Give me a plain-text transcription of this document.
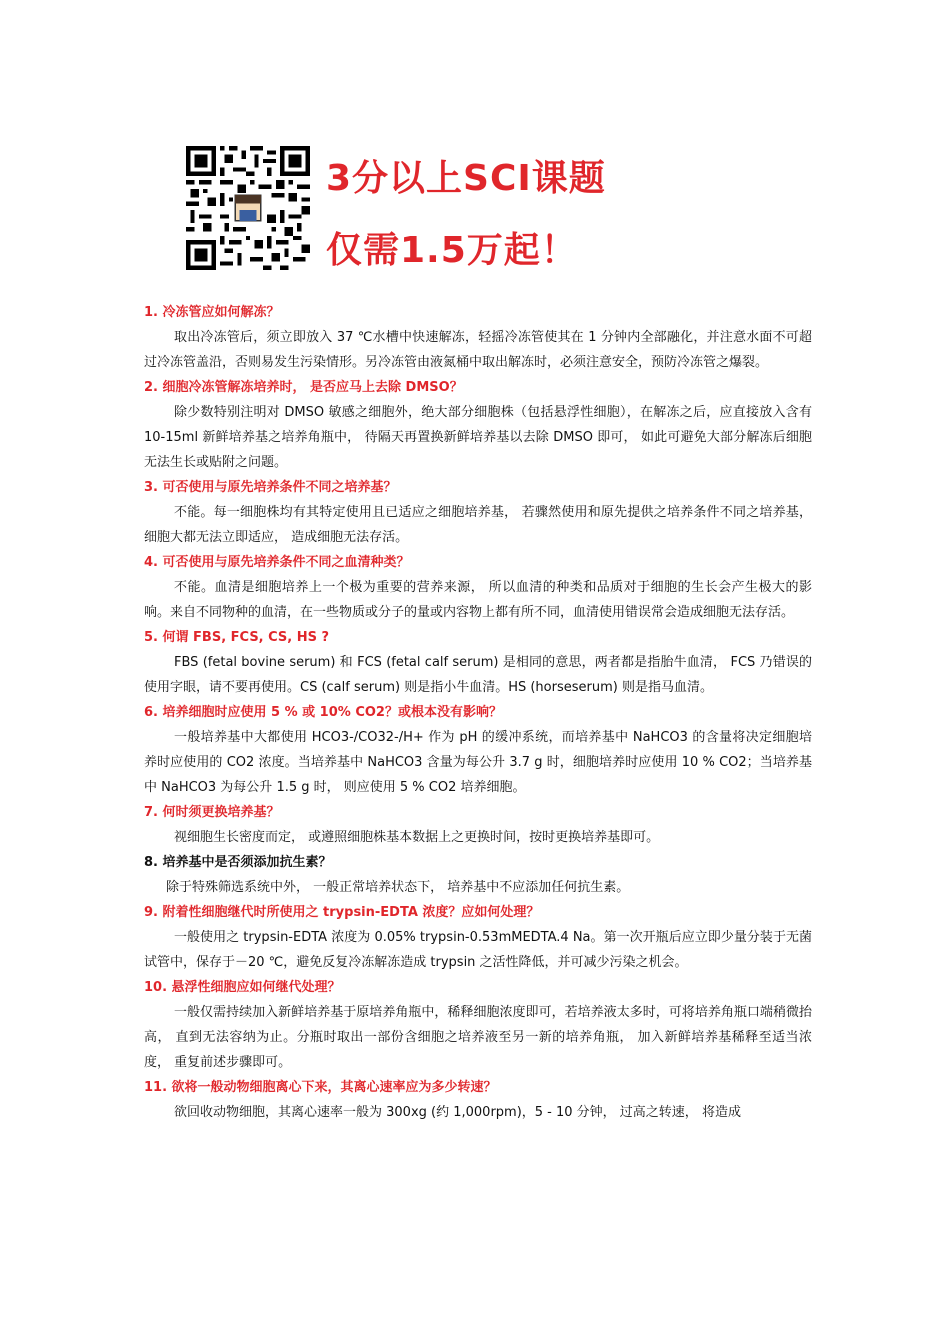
3分以上SCI课题
仅需1.5万起！

1. 冷冻管应如何解冻？

取出冷冻管后，须立即放入 37 ℃水槽中快速解冻，轻摇冷冻管使其在 1 分钟内全部融化，并注意水面不可超过冷冻管盖沿，否则易发生污染情形。另冷冻管由液氮桶中取出解冻时，必须注意安全，预防冷冻管之爆裂。

2. 细胞冷冻管解冻培养时， 是否应马上去除 DMSO？

除少数特别注明对 DMSO 敏感之细胞外，绝大部分细胞株（包括悬浮性细胞），在解冻之后，应直接放入含有 10-15ml 新鲜培养基之培养角瓶中， 待隔天再置换新鲜培养基以去除 DMSO 即可， 如此可避免大部分解冻后细胞无法生长或贴附之问题。

3. 可否使用与原先培养条件不同之培养基？

不能。每一细胞株均有其特定使用且已适应之细胞培养基， 若骤然使用和原先提供之培养条件不同之培养基， 细胞大都无法立即适应， 造成细胞无法存活。

4. 可否使用与原先培养条件不同之血清种类？

不能。血清是细胞培养上一个极为重要的营养来源， 所以血清的种类和品质对于细胞的生长会产生极大的影响。来自不同物种的血清，在一些物质或分子的量或内容物上都有所不同，血清使用错误常会造成细胞无法存活。

5. 何谓 FBS, FCS, CS, HS ?

FBS (fetal bovine serum) 和 FCS (fetal calf serum) 是相同的意思，两者都是指胎牛血清， FCS 乃错误的使用字眼，请不要再使用。CS (calf serum) 则是指小牛血清。HS (horseserum) 则是指马血清。

6. 培养细胞时应使用 5 % 或 10% CO2？或根本没有影响？

一般培养基中大都使用 HCO3-/CO32-/H+ 作为 pH 的缓冲系统，而培养基中 NaHCO3 的含量将决定细胞培养时应使用的 CO2 浓度。当培养基中 NaHCO3 含量为每公升 3.7 g 时，细胞培养时应使用 10 % CO2；当培养基中 NaHCO3 为每公升 1.5 g 时， 则应使用 5 % CO2 培养细胞。

7. 何时须更换培养基？

视细胞生长密度而定， 或遵照细胞株基本数据上之更换时间，按时更换培养基即可。

8. 培养基中是否须添加抗生素？

除于特殊筛选系统中外， 一般正常培养状态下， 培养基中不应添加任何抗生素。

9. 附着性细胞继代时所使用之 trypsin-EDTA 浓度？应如何处理？

一般使用之 trypsin-EDTA 浓度为 0.05% trypsin-0.53mMEDTA.4 Na。第一次开瓶后应立即少量分装于无菌试管中，保存于－20 ℃，避免反复冷冻解冻造成 trypsin 之活性降低，并可减少污染之机会。

10. 悬浮性细胞应如何继代处理？

一般仅需持续加入新鲜培养基于原培养角瓶中，稀释细胞浓度即可，若培养液太多时，可将培养角瓶口端稍微抬高， 直到无法容纳为止。分瓶时取出一部份含细胞之培养液至另一新的培养角瓶， 加入新鲜培养基稀释至适当浓度， 重复前述步骤即可。

11. 欲将一般动物细胞离心下来，其离心速率应为多少转速？

欲回收动物细胞，其离心速率一般为 300xg (约 1,000rpm)，5 - 10 分钟， 过高之转速， 将造成
